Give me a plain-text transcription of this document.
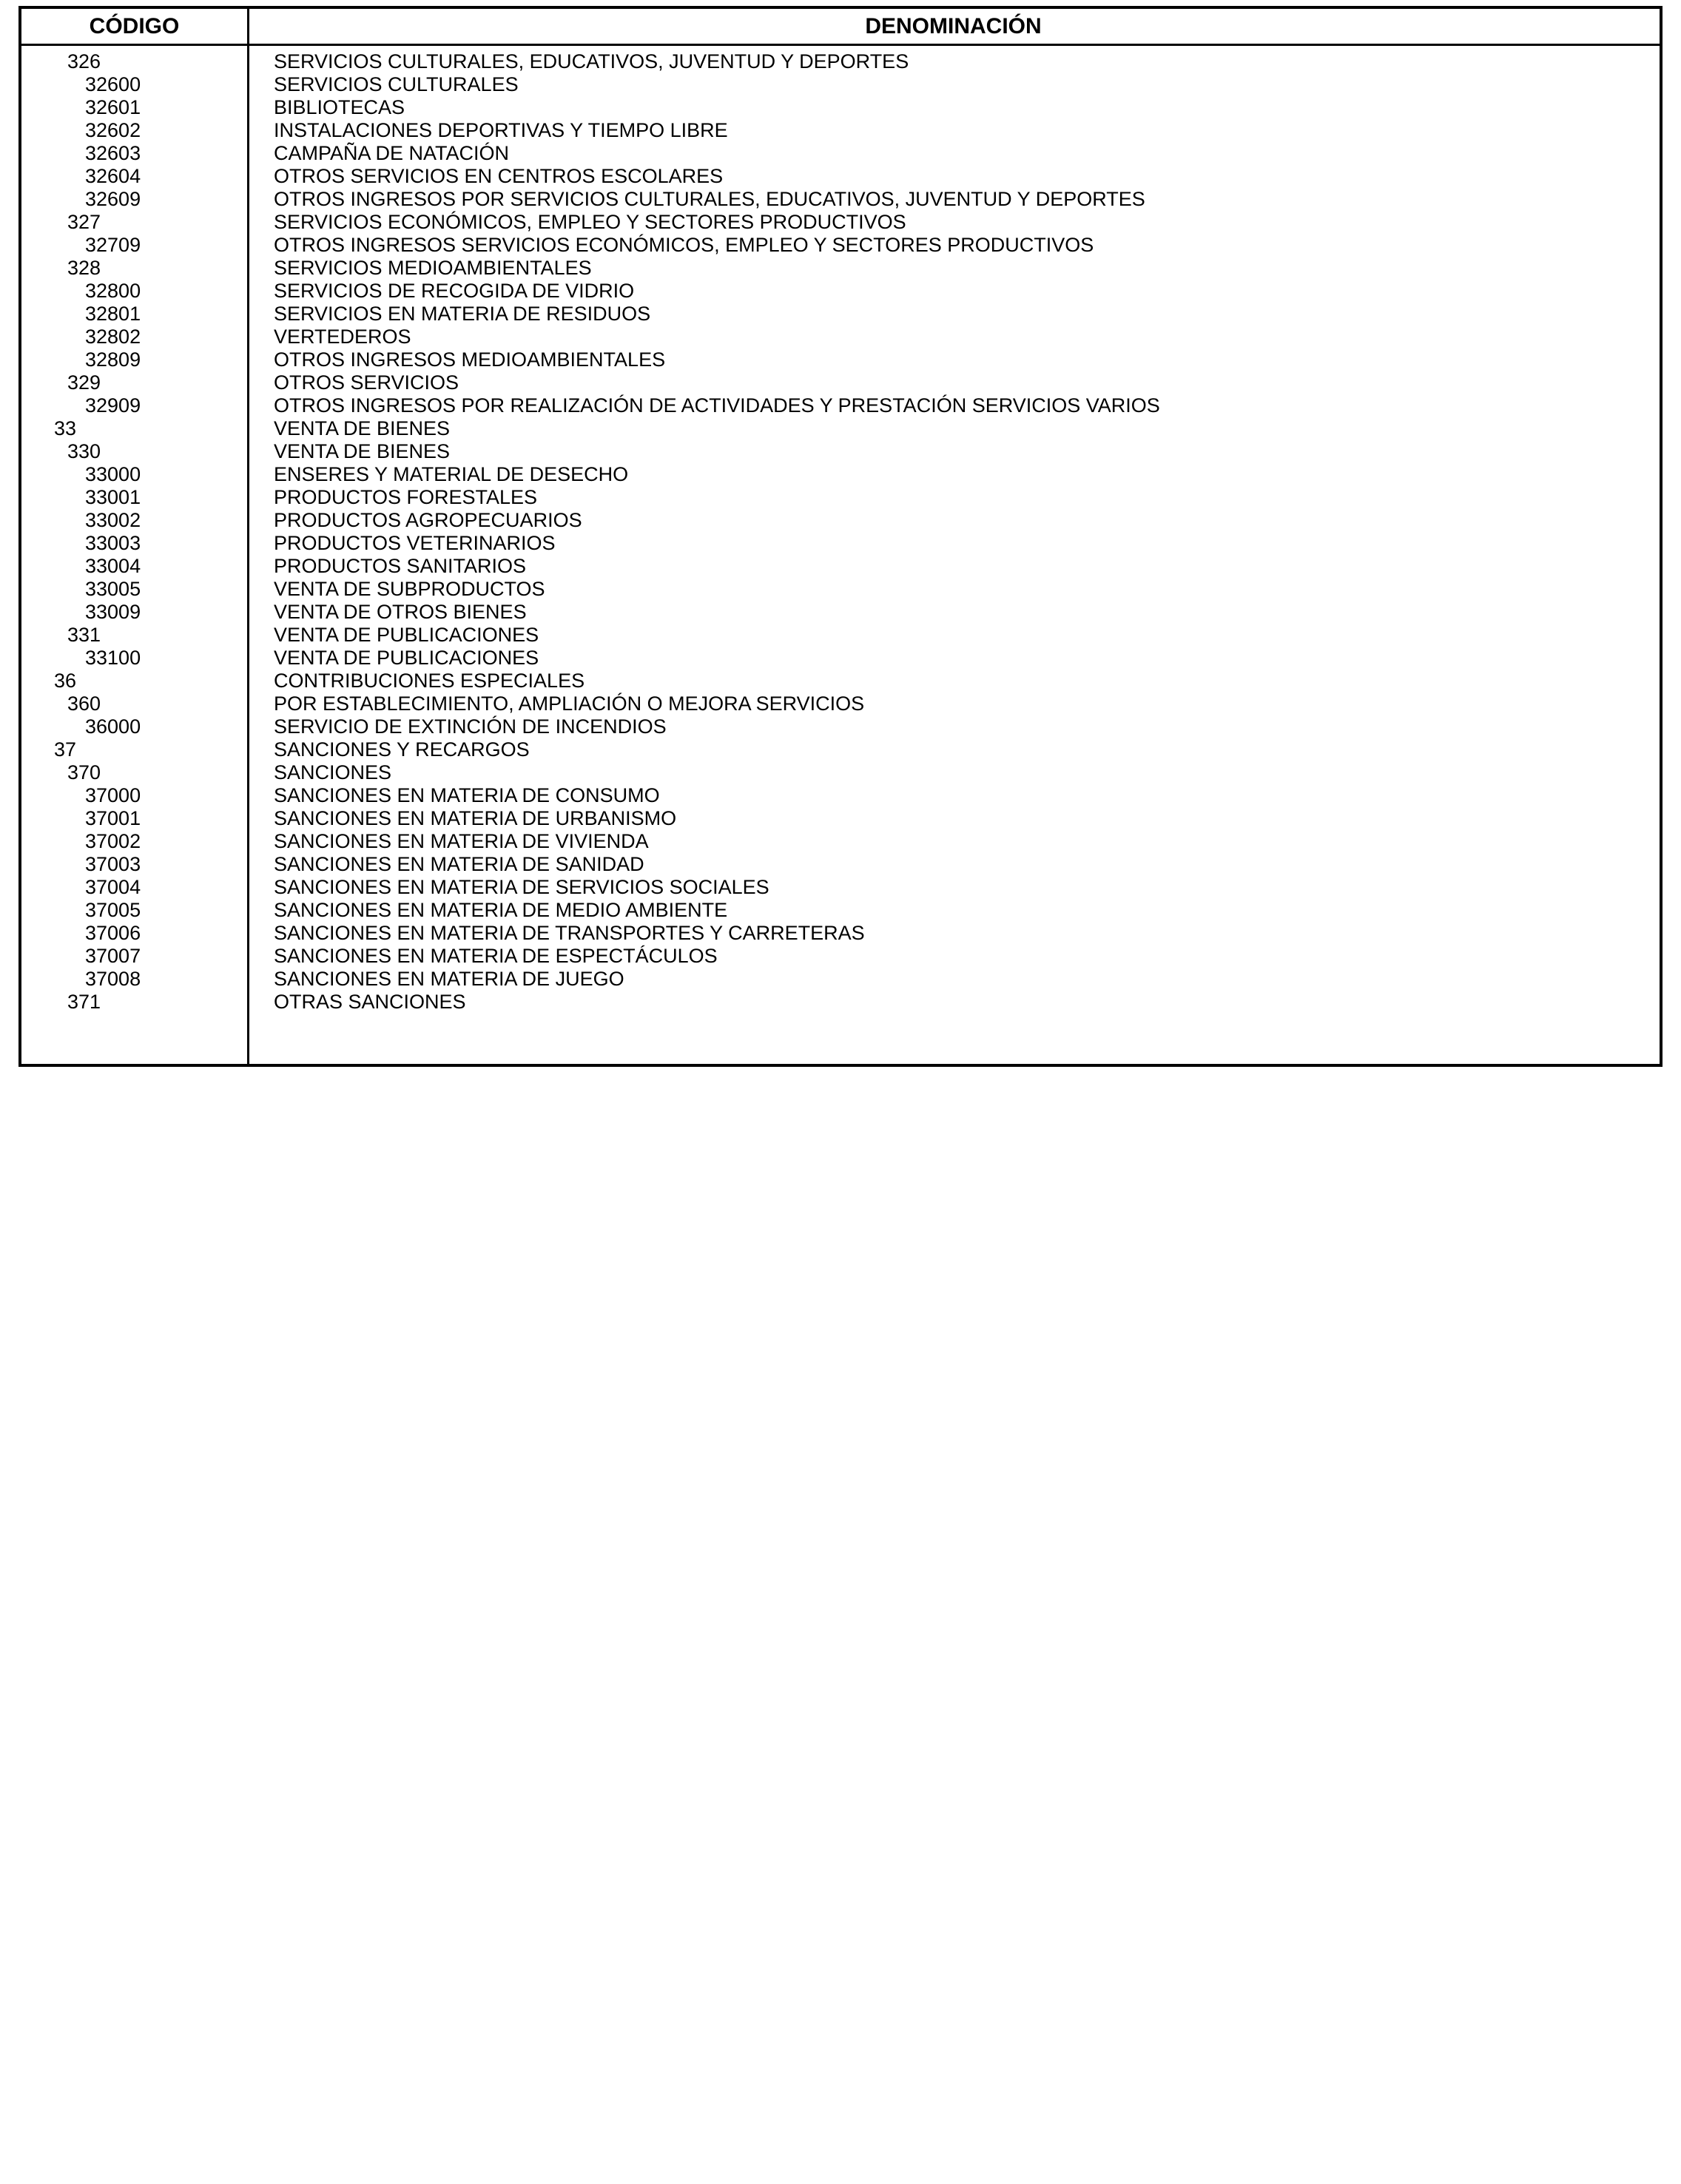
CÓDIGO	DENOMINACIÓN
326	SERVICIOS CULTURALES, EDUCATIVOS, JUVENTUD Y DEPORTES
32600	SERVICIOS CULTURALES
32601	BIBLIOTECAS
32602	INSTALACIONES DEPORTIVAS Y TIEMPO LIBRE
32603	CAMPAÑA DE NATACIÓN
32604	OTROS SERVICIOS EN CENTROS ESCOLARES
32609	OTROS INGRESOS POR SERVICIOS CULTURALES, EDUCATIVOS, JUVENTUD Y DEPORTES
327	SERVICIOS ECONÓMICOS, EMPLEO Y SECTORES PRODUCTIVOS
32709	OTROS INGRESOS SERVICIOS ECONÓMICOS, EMPLEO Y SECTORES PRODUCTIVOS
328	SERVICIOS MEDIOAMBIENTALES
32800	SERVICIOS DE RECOGIDA DE VIDRIO
32801	SERVICIOS EN MATERIA DE RESIDUOS
32802	VERTEDEROS
32809	OTROS INGRESOS MEDIOAMBIENTALES
329	OTROS SERVICIOS
32909	OTROS INGRESOS POR REALIZACIÓN DE ACTIVIDADES Y PRESTACIÓN SERVICIOS VARIOS
33	VENTA DE BIENES
330	VENTA DE BIENES
33000	ENSERES Y MATERIAL DE DESECHO
33001	PRODUCTOS FORESTALES
33002	PRODUCTOS AGROPECUARIOS
33003	PRODUCTOS VETERINARIOS
33004	PRODUCTOS SANITARIOS
33005	VENTA DE SUBPRODUCTOS
33009	VENTA DE OTROS BIENES
331	VENTA DE PUBLICACIONES
33100	VENTA DE PUBLICACIONES
36	CONTRIBUCIONES ESPECIALES
360	POR ESTABLECIMIENTO, AMPLIACIÓN O MEJORA SERVICIOS
36000	SERVICIO DE EXTINCIÓN DE INCENDIOS
37	SANCIONES Y RECARGOS
370	SANCIONES
37000	SANCIONES EN MATERIA DE CONSUMO
37001	SANCIONES EN MATERIA DE URBANISMO
37002	SANCIONES EN MATERIA DE VIVIENDA
37003	SANCIONES EN MATERIA DE SANIDAD
37004	SANCIONES EN MATERIA DE SERVICIOS SOCIALES
37005	SANCIONES EN MATERIA DE MEDIO AMBIENTE
37006	SANCIONES EN MATERIA DE TRANSPORTES Y CARRETERAS
37007	SANCIONES EN MATERIA DE ESPECTÁCULOS
37008	SANCIONES EN MATERIA DE JUEGO
371	OTRAS SANCIONES
